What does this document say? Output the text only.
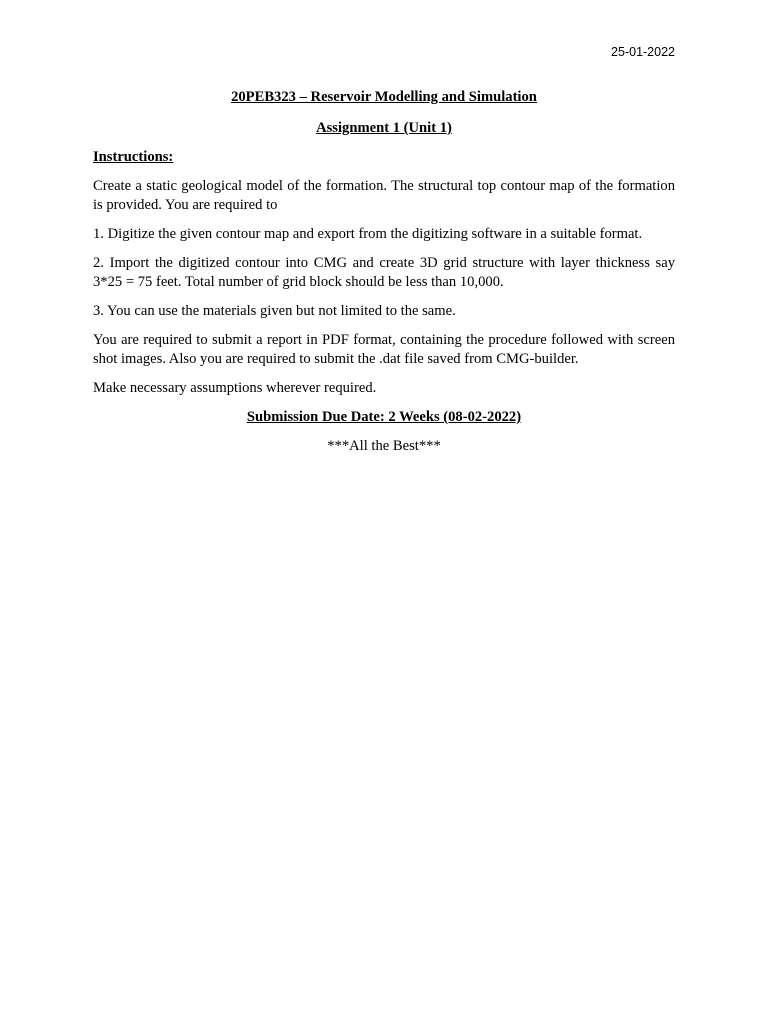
25-01-2022

20PEB323 – Reservoir Modelling and Simulation

Assignment 1 (Unit 1)

Instructions:

Create a static geological model of the formation. The structural top contour map of the formation is provided. You are required to

1. Digitize the given contour map and export from the digitizing software in a suitable format.

2. Import the digitized contour into CMG and create 3D grid structure with layer thickness say 3*25 = 75 feet. Total number of grid block should be less than 10,000.

3. You can use the materials given but not limited to the same.

You are required to submit a report in PDF format, containing the procedure followed with screen shot images. Also you are required to submit the .dat file saved from CMG-builder.

Make necessary assumptions wherever required.

Submission Due Date: 2 Weeks (08-02-2022)

***All the Best***
